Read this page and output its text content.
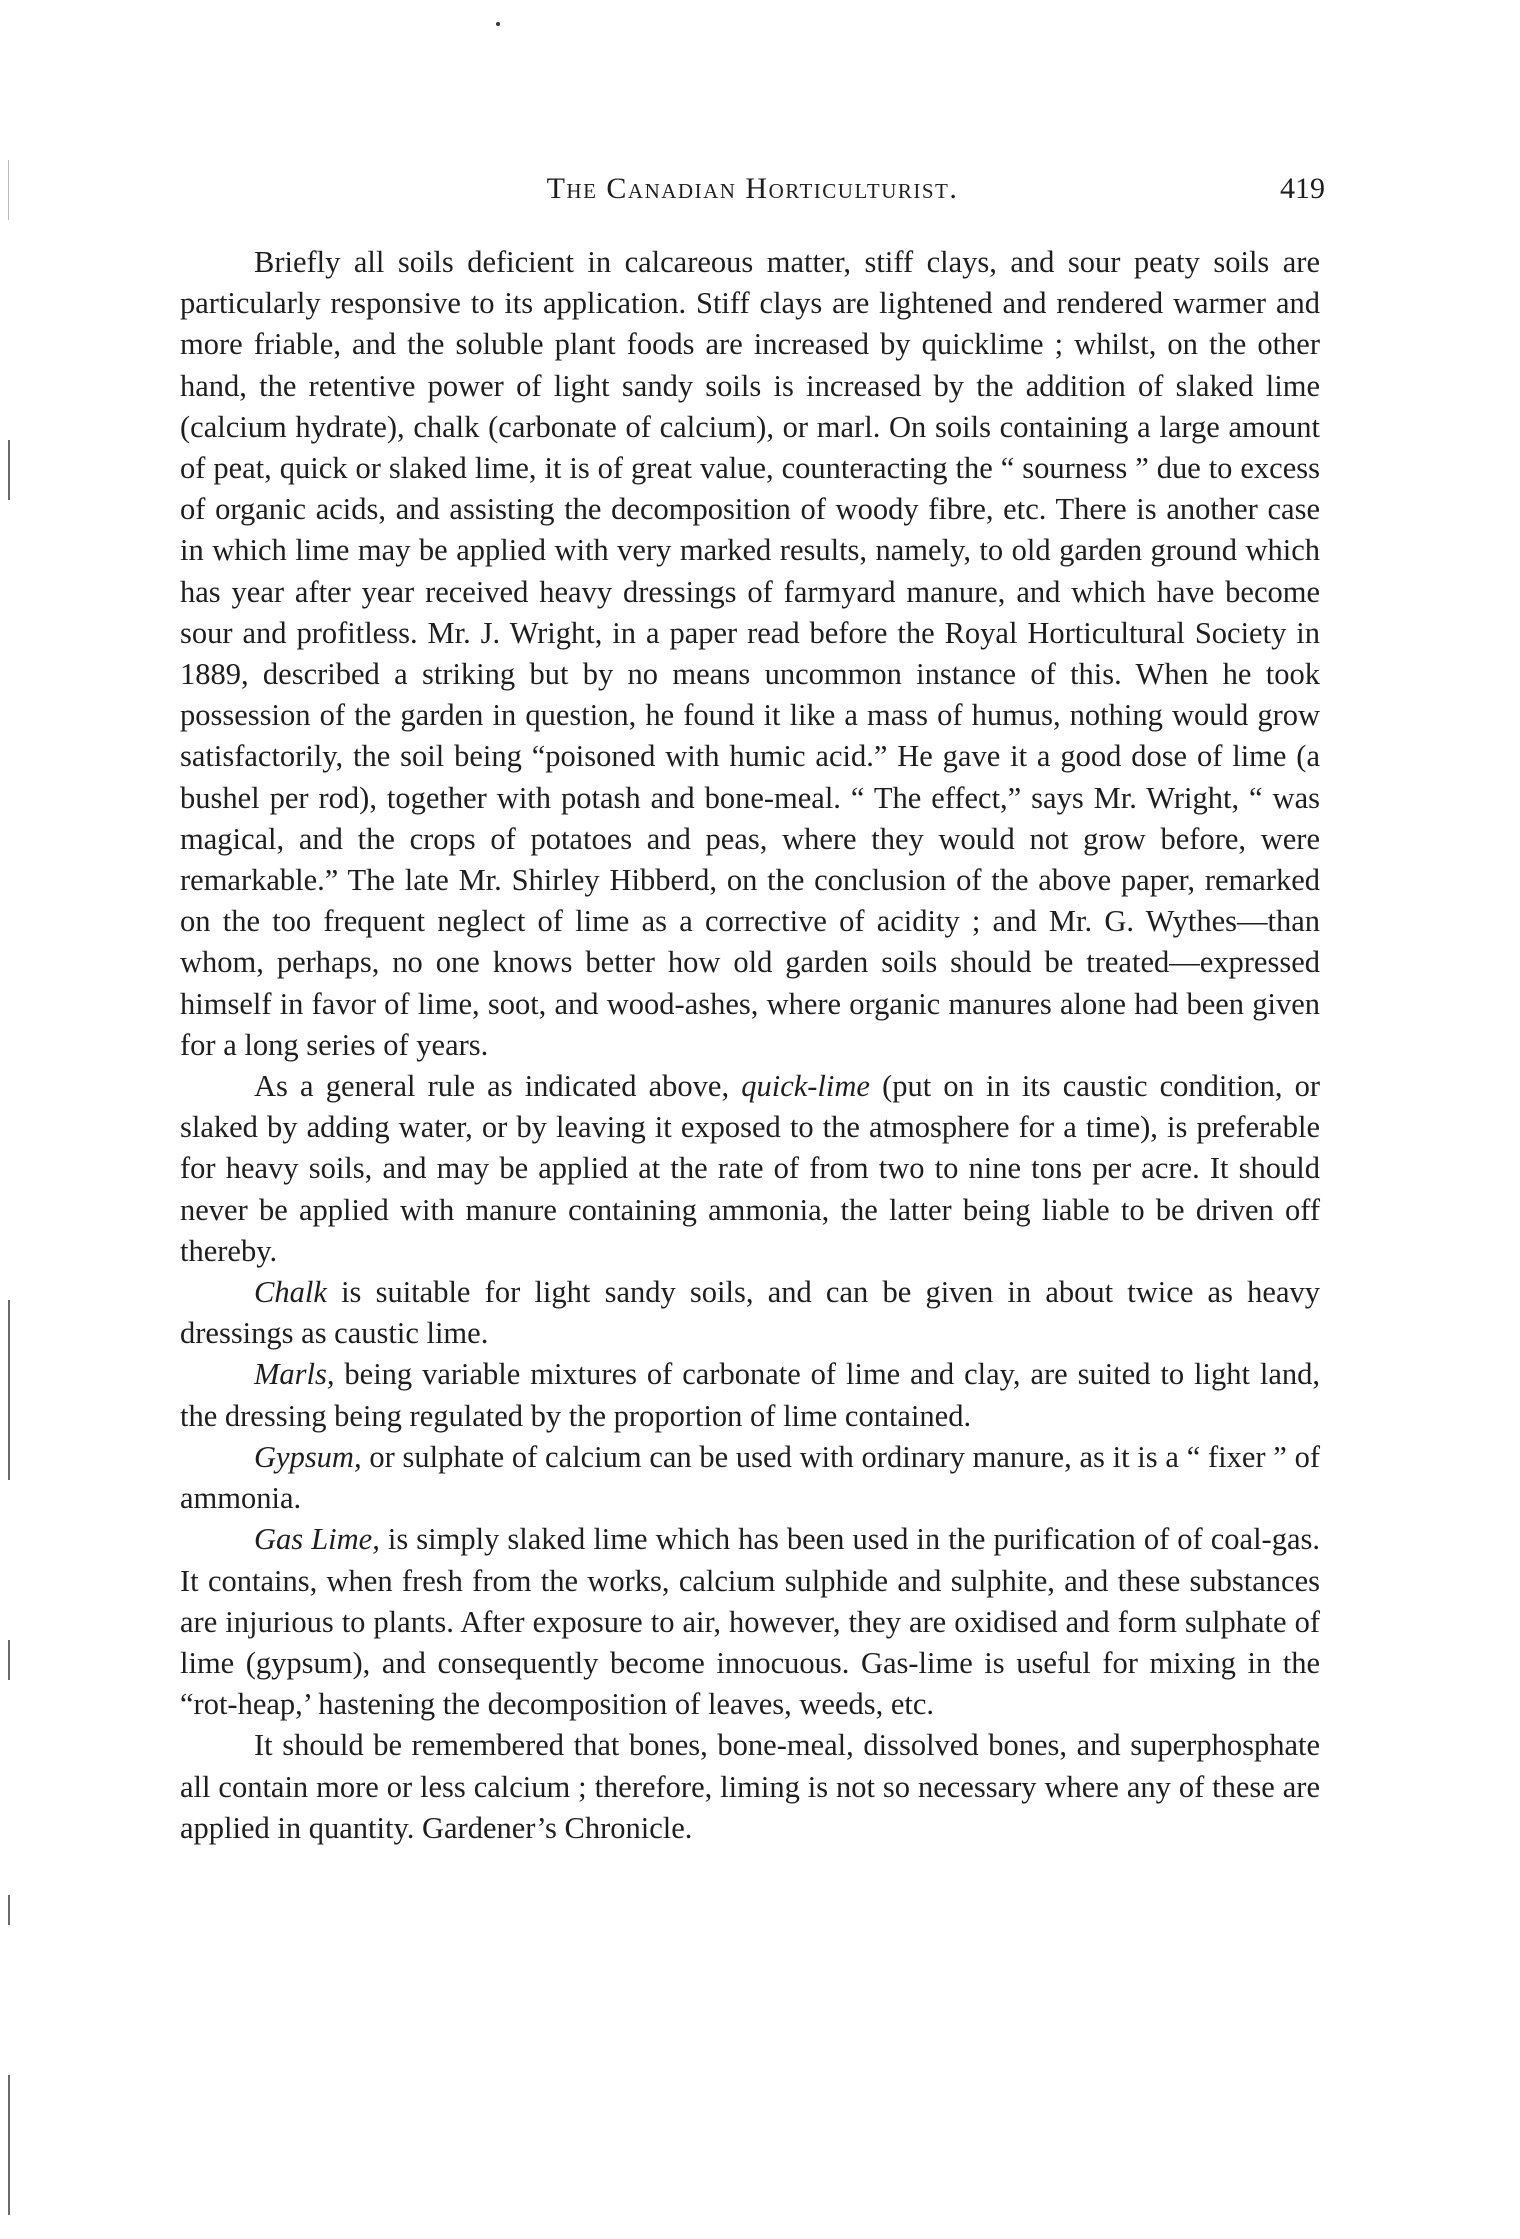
The Canadian Horticulturist.	419

Briefly all soils deficient in calcareous matter, stiff clays, and sour peaty soils are particularly responsive to its application. Stiff clays are lightened and rendered warmer and more friable, and the soluble plant foods are increased by quicklime ; whilst, on the other hand, the retentive power of light sandy soils is increased by the addition of slaked lime (calcium hydrate), chalk (carbonate of calcium), or marl. On soils containing a large amount of peat, quick or slaked lime, it is of great value, counteracting the “ sourness ” due to excess of organic acids, and assisting the decomposition of woody fibre, etc. There is another case in which lime may be applied with very marked results, namely, to old garden ground which has year after year received heavy dressings of farmyard manure, and which have become sour and profitless. Mr. J. Wright, in a paper read before the Royal Horticultural Society in 1889, described a striking but by no means uncommon instance of this. When he took possession of the garden in question, he found it like a mass of humus, nothing would grow satisfactorily, the soil being “poisoned with humic acid.” He gave it a good dose of lime (a bushel per rod), together with potash and bone-meal. “ The effect,” says Mr. Wright, “ was magical, and the crops of potatoes and peas, where they would not grow before, were remarkable.” The late Mr. Shirley Hibberd, on the conclusion of the above paper, remarked on the too frequent neglect of lime as a corrective of acidity ; and Mr. G. Wythes—than whom, perhaps, no one knows better how old garden soils should be treated—expressed himself in favor of lime, soot, and wood-ashes, where organic manures alone had been given for a long series of years.

As a general rule as indicated above, quick-lime (put on in its caustic condition, or slaked by adding water, or by leaving it exposed to the atmosphere for a time), is preferable for heavy soils, and may be applied at the rate of from two to nine tons per acre. It should never be applied with manure containing ammonia, the latter being liable to be driven off thereby.

Chalk is suitable for light sandy soils, and can be given in about twice as heavy dressings as caustic lime.

Marls, being variable mixtures of carbonate of lime and clay, are suited to light land, the dressing being regulated by the proportion of lime contained.

Gypsum, or sulphate of calcium can be used with ordinary manure, as it is a “ fixer ” of ammonia.

Gas Lime, is simply slaked lime which has been used in the purification of of coal-gas. It contains, when fresh from the works, calcium sulphide and sulphite, and these substances are injurious to plants. After exposure to air, however, they are oxidised and form sulphate of lime (gypsum), and consequently become innocuous. Gas-lime is useful for mixing in the “rot-heap,’ hastening the decomposition of leaves, weeds, etc.

It should be remembered that bones, bone-meal, dissolved bones, and superphosphate all contain more or less calcium ; therefore, liming is not so necessary where any of these are applied in quantity. Gardener’s Chronicle.
